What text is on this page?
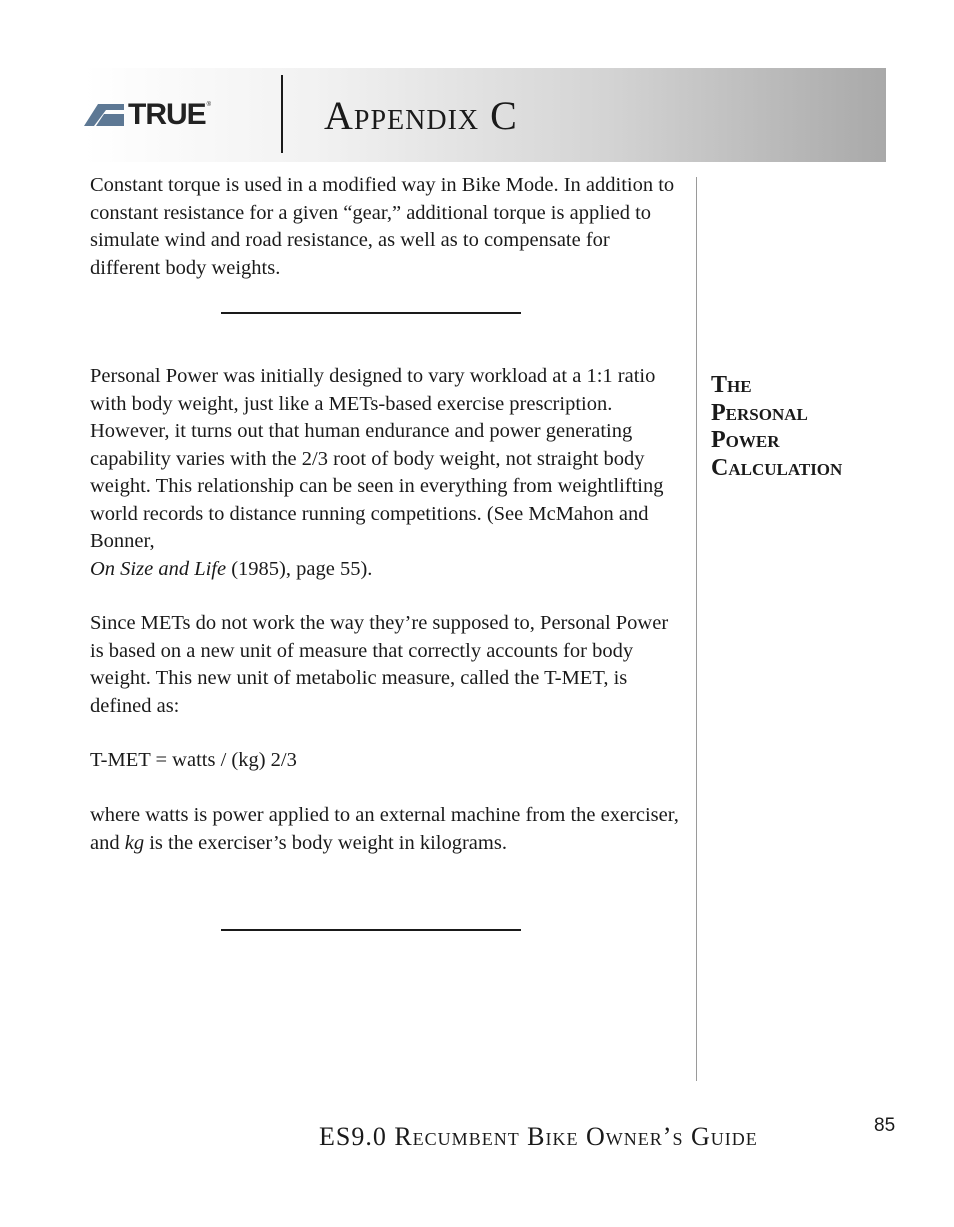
TRUE ®	Appendix C

Constant torque is used in a modified way in Bike Mode. In addition to constant resistance for a given “gear,” additional torque is applied to simulate wind and road resistance, as well as to compensate for different body weights.

Personal Power was initially designed to vary workload at a 1:1 ratio with body weight, just like a METs-based exercise prescription. However, it turns out that human endurance and power generating capability varies with the 2/3 root of body weight, not straight body weight. This relationship can be seen in everything from weightlifting world records to distance running competitions. (See McMahon and Bonner,
On Size and Life (1985), page 55).

Since METs do not work the way they’re supposed to, Personal Power is based on a new unit of measure that correctly accounts for body weight. This new unit of metabolic measure, called the T-MET, is defined as:

T-MET = watts / (kg) 2/3

where watts is power applied to an external machine from the exerciser, and kg is the exerciser’s body weight in kilograms.

The
Personal
Power
Calculation
ES9.0 Recumbent Bike Owner’s Guide	85
